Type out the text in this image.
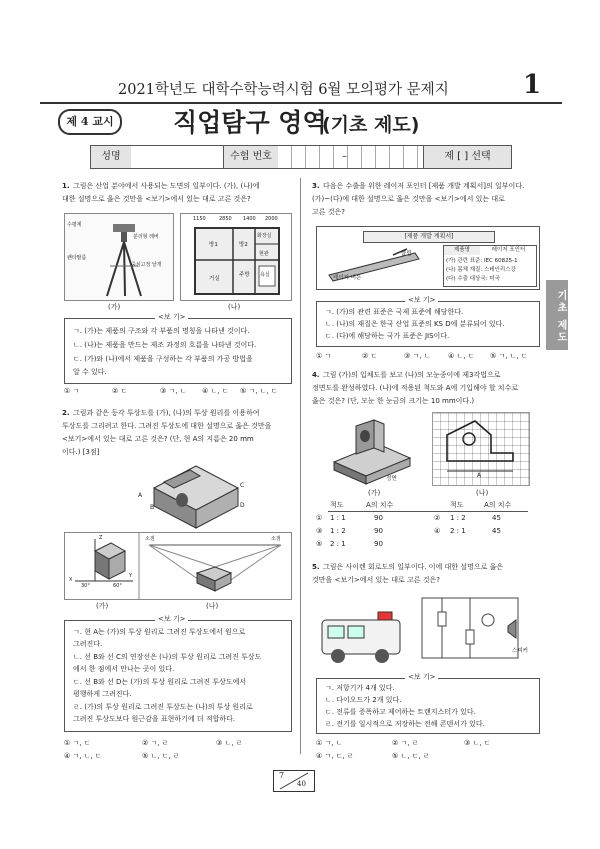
2021학년도 대학수학능력시험 6월 모의평가 문제지	1
제 4 교시	직업탐구 영역
(기초 제도)
성명	수험 번호	–	제 [ ] 선택
기초 제도
1. 그림은 산업 분야에서 사용되는 도면의 일부이다. (가), (나)에
대한 설명으로 옳은 것만을 <보기>에서 있는 대로 고른 것은?
수평계
분리형 레버
쾐타팔름
중심고정 날개
1150	2850 1400 2000
방1	방2
거실
주방
현관
욕실
화장실
(가)	(나)
<보 기>
ㄱ. (가)는 제품의 구조와 각 부품의 명칭을 나타낸 것이다.
ㄴ. (나)는 제품을 만드는 제조 과정의 흐름을 나타낸 것이다.
ㄷ. (가)와 (나)에서 제품을 구성하는 각 부품의 가공 방법을
알 수 있다.
① ㄱ	② ㄷ	③ ㄱ, ㄴ ④ ㄴ, ㄷ ⑤ ㄱ, ㄴ, ㄷ
2. 그림과 같은 등각 투상도를 (가), (나)의 투상 원리를 이용하여
투상도를 그리려고 한다. 그려진 투상도에 대한 설명으로 옳은 것만을
<보기>에서 있는 대로 고른 것은? (단, 현 A의 지름은 20 mm
이다.) [3점]
A
B
C
D
Z
Y
X
30°	60°
소점	소점
(가)	(나)
<보 기>
ㄱ. 현 A는 (가)의 투상 원리로 그려진 투상도에서 원으로
그려진다.
ㄴ. 선 B와 선 C의 연장선은 (나)의 투상 원리로 그려진 투상도
에서 한 점에서 만나는 곳이 있다.
ㄷ. 선 B와 선 D는 (가)의 투상 원리로 그려진 투상도에서
평행하게 그려진다.
ㄹ. (가)의 투상 원리로 그려진 투상도는 (나)의 투상 원리로
그려진 투상도보다 원근감을 표현하기에 더 적합하다.
① ㄱ, ㄷ	② ㄱ, ㄹ	③ ㄴ, ㄹ
④ ㄱ, ㄴ, ㄷ	⑤ ㄴ, ㄷ, ㄹ
3. 다음은 수출을 위한 레이저 포인터 [제품 개발 계획서]의 일부이다.
(가)~(다)에 대한 설명으로 옳은 것만을 <보기>에서 있는 대로
고른 것은?
[제품 개발 계획서]
클립
레이저 버튼
제품명	레이저 포인터
(가) 관련 표준: IEC 60825-1
(나) 몸체 재질: 스테인리스강
(다) 수출 대상국: 미국
<보 기>
ㄱ. (가)의 관련 표준은 국제 표준에 해당한다.
ㄴ. (나)의 재질은 한국 산업 표준의 KS D에 분류되어 있다.
ㄷ. (다)에 해당하는 국가 표준은 JIS이다.
① ㄱ	② ㄷ	③ ㄱ, ㄴ	④ ㄴ, ㄷ ⑤ ㄱ, ㄴ, ㄷ
4. 그림 (가)의 입체도를 보고 (나)의 모눈종이에 제3각법으로
정면도를 완성하였다. (나)에 적용된 척도와 A에 기입해야 할 치수로
옳은 것은? (단, 모눈 한 눈금의 크기는 10 mm이다.)
정면	A
(가)	(나)
척도	A의 치수	척도	A의 치수
① 1 : 1	90	② 1 : 2	45
③ 1 : 2	90	④ 2 : 1	45
⑤ 2 : 1	90
5. 그림은 사이렌 회로도의 일부이다. 이에 대한 설명으로 옳은
것만을 <보기>에서 있는 대로 고른 것은?
스피커
<보 기>
ㄱ. 저항기가 4개 있다.
ㄴ. 다이오드가 2개 있다.
ㄷ. 전류를 증폭하고 제어하는 트랜지스터가 있다.
ㄹ. 전기를 일시적으로 저장하는 전해 콘덴서가 있다.
① ㄱ, ㄴ	② ㄱ, ㄹ	③ ㄴ, ㄷ
④ ㄱ, ㄷ, ㄹ	⑤ ㄴ, ㄷ, ㄹ
7
40
